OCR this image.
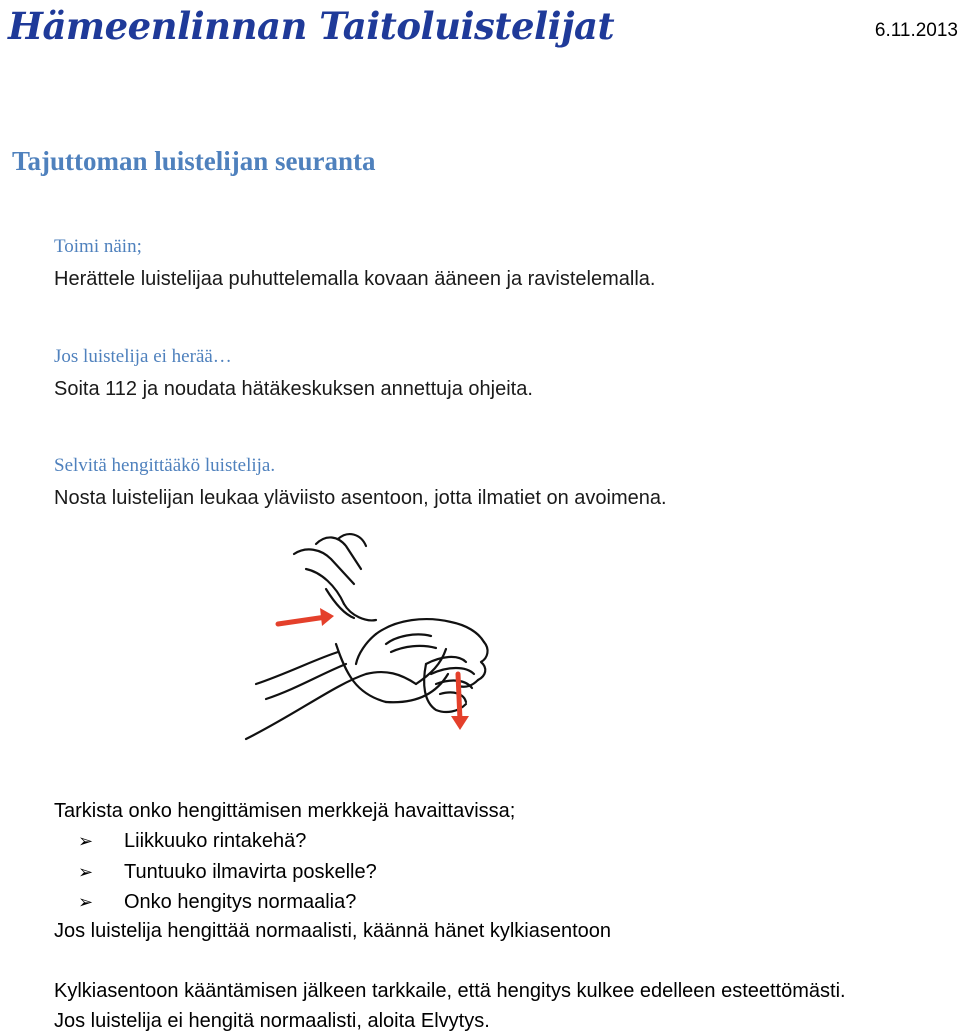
Hämeenlinnan Taitoluistelijat	6.11.2013
Tajuttoman luistelijan seuranta
Toimi näin;
Herättele luistelijaa puhuttelemalla kovaan ääneen ja ravistelemalla.
Jos luistelija ei herää…
Soita 112 ja noudata hätäkeskuksen annettuja ohjeita.
Selvitä hengittääkö luistelija.
Nosta luistelijan leukaa yläviisto asentoon, jotta ilmatiet on avoimena.
Tarkista onko hengittämisen merkkejä havaittavissa;
➢ Liikkuuko rintakehä?
➢ Tuntuuko ilmavirta poskelle?
➢ Onko hengitys normaalia?
Jos luistelija hengittää normaalisti, käännä hänet kylkiasentoon
Kylkiasentoon kääntämisen jälkeen tarkkaile, että hengitys kulkee edelleen esteettömästi.
Jos luistelija ei hengitä normaalisti, aloita Elvytys.
